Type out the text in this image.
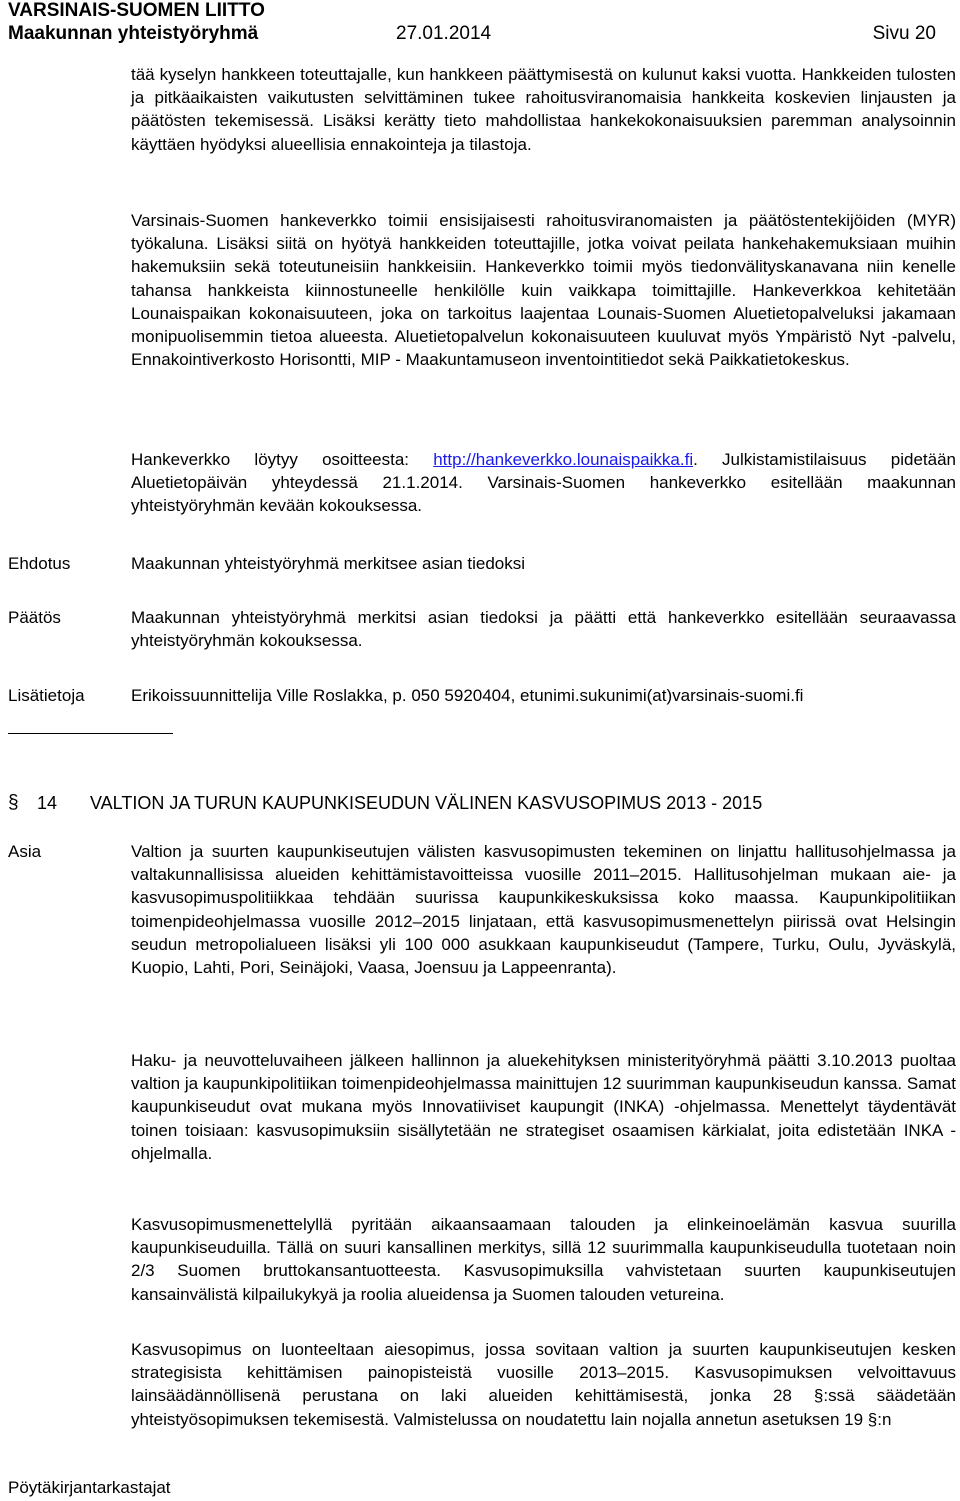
VARSINAIS-SUOMEN LIITTO
Maakunnan yhteistyöryhmä	27.01.2014	Sivu 20

tää kyselyn hankkeen toteuttajalle, kun hankkeen päättymisestä on kulunut kaksi vuotta. Hankkeiden tulosten ja pitkäaikaisten vaikutusten selvittäminen tukee rahoitusviranomaisia hankkeita koskevien linjausten ja päätösten tekemisessä. Lisäksi kerätty tieto mahdollistaa hankekokonaisuuksien paremman analysoinnin käyttäen hyödyksi alueellisia ennakointeja ja tilastoja.

Varsinais-Suomen hankeverkko toimii ensisijaisesti rahoitusviranomaisten ja päätöstentekijöiden (MYR) työkaluna. Lisäksi siitä on hyötyä hankkeiden toteuttajille, jotka voivat peilata hankehakemuksiaan muihin hakemuksiin sekä toteutuneisiin hankkeisiin. Hankeverkko toimii myös tiedonvälityskanavana niin kenelle tahansa hankkeista kiinnostuneelle henkilölle kuin vaikkapa toimittajille. Hankeverkkoa kehitetään Lounaispaikan kokonaisuuteen, joka on tarkoitus laajentaa Lounais-Suomen Aluetietopalveluksi jakamaan monipuolisemmin tietoa alueesta. Aluetietopalvelun kokonaisuuteen kuuluvat myös Ympäristö Nyt -palvelu, Ennakointiverkosto Horisontti, MIP - Maakuntamuseon inventointitiedot sekä Paikkatietokeskus.

Hankeverkko löytyy osoitteesta: http://hankeverkko.lounaispaikka.fi. Julkistamistilaisuus pidetään Aluetietopäivän yhteydessä 21.1.2014. Varsinais-Suomen hankeverkko esitellään maakunnan yhteistyöryhmän kevään kokouksessa.

Ehdotus	Maakunnan yhteistyöryhmä merkitsee asian tiedoksi

Päätös	Maakunnan yhteistyöryhmä merkitsi asian tiedoksi ja päätti että hankeverkko esitellään seuraavassa yhteistyöryhmän kokouksessa.

Lisätietoja	Erikoissuunnittelija Ville Roslakka, p. 050 5920404, etunimi.sukunimi(at)varsinais-suomi.fi

§ 14 VALTION JA TURUN KAUPUNKISEUDUN VÄLINEN KASVUSOPIMUS 2013 - 2015

Asia	Valtion ja suurten kaupunkiseutujen välisten kasvusopimusten tekeminen on linjattu hallitusohjelmassa ja valtakunnallisissa alueiden kehittämistavoitteissa vuosille 2011–2015. Hallitusohjelman mukaan aie- ja kasvusopimuspolitiikkaa tehdään suurissa kaupunkikeskuksissa koko maassa. Kaupunkipolitiikan toimenpideohjelmassa vuosille 2012–2015 linjataan, että kasvusopimusmenettelyn piirissä ovat Helsingin seudun metropolialueen lisäksi yli 100 000 asukkaan kaupunkiseudut (Tampere, Turku, Oulu, Jyväskylä, Kuopio, Lahti, Pori, Seinäjoki, Vaasa, Joensuu ja Lappeenranta).

Haku- ja neuvotteluvaiheen jälkeen hallinnon ja aluekehityksen ministerityöryhmä päätti 3.10.2013 puoltaa valtion ja kaupunkipolitiikan toimenpideohjelmassa mainittujen 12 suurimman kaupunkiseudun kanssa. Samat kaupunkiseudut ovat mukana myös Innovatiiviset kaupungit (INKA) -ohjelmassa. Menettelyt täydentävät toinen toisiaan: kasvusopimuksiin sisällytetään ne strategiset osaamisen kärkialat, joita edistetään INKA -ohjelmalla.

Kasvusopimusmenettelyllä pyritään aikaansaamaan talouden ja elinkeinoelämän kasvua suurilla kaupunkiseuduilla. Tällä on suuri kansallinen merkitys, sillä 12 suurimmalla kaupunkiseudulla tuotetaan noin 2/3 Suomen bruttokansantuotteesta. Kasvusopimuksilla vahvistetaan suurten kaupunkiseutujen kansainvälistä kilpailukykyä ja roolia alueidensa ja Suomen talouden vetureina.

Kasvusopimus on luonteeltaan aiesopimus, jossa sovitaan valtion ja suurten kaupunkiseutujen kesken strategisista kehittämisen painopisteistä vuosille 2013–2015. Kasvusopimuksen velvoittavuus lainsäädännöllisenä perustana on laki alueiden kehittämisestä, jonka 28 §:ssä säädetään yhteistyösopimuksen tekemisestä. Valmistelussa on noudatettu lain nojalla annetun asetuksen 19 §:n

Pöytäkirjantarkastajat
